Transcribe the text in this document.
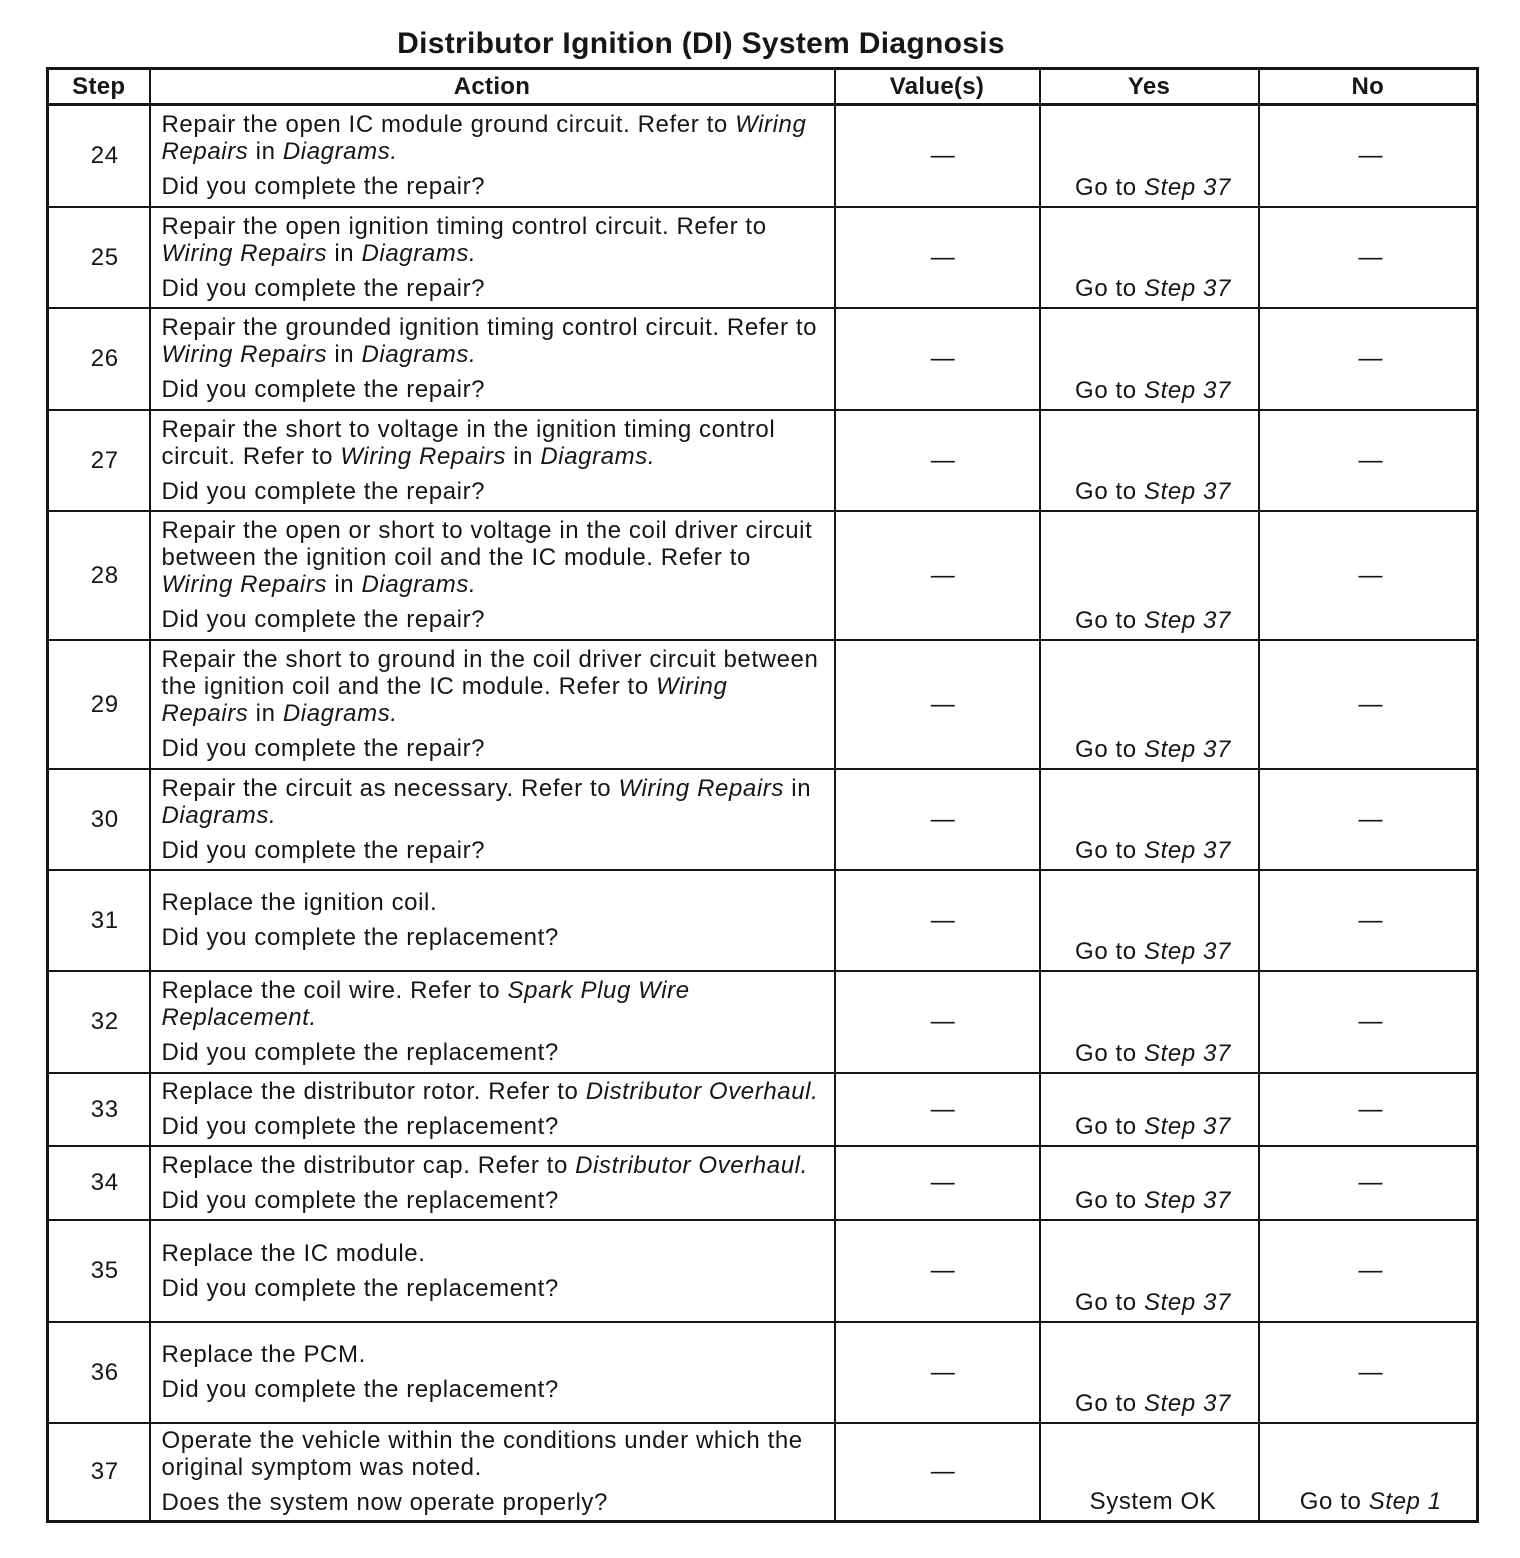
Distributor Ignition (DI) System Diagnosis
Step	Action	Value(s)	Yes	No
24	Repair the open IC module ground circuit. Refer to Wiring
Repairs in Diagrams.
Did you complete the repair?	—	Go to Step 37	—
25	Repair the open ignition timing control circuit. Refer to
Wiring Repairs in Diagrams.
Did you complete the repair?	—	Go to Step 37	—
26	Repair the grounded ignition timing control circuit. Refer to
Wiring Repairs in Diagrams.
Did you complete the repair?	—	Go to Step 37	—
27	Repair the short to voltage in the ignition timing control
circuit. Refer to Wiring Repairs in Diagrams.
Did you complete the repair?	—	Go to Step 37	—
28	Repair the open or short to voltage in the coil driver circuit
between the ignition coil and the IC module. Refer to
Wiring Repairs in Diagrams.
Did you complete the repair?	—	Go to Step 37	—
29	Repair the short to ground in the coil driver circuit between
the ignition coil and the IC module. Refer to Wiring
Repairs in Diagrams.
Did you complete the repair?	—	Go to Step 37	—
30	Repair the circuit as necessary. Refer to Wiring Repairs in
Diagrams.
Did you complete the repair?	—	Go to Step 37	—
31	Replace the ignition coil.
Did you complete the replacement?	—	Go to Step 37	—
32	Replace the coil wire. Refer to Spark Plug Wire
Replacement.
Did you complete the replacement?	—	Go to Step 37	—
33	Replace the distributor rotor. Refer to Distributor Overhaul.
Did you complete the replacement?	—	Go to Step 37	—
34	Replace the distributor cap. Refer to Distributor Overhaul.
Did you complete the replacement?	—	Go to Step 37	—
35	Replace the IC module.
Did you complete the replacement?	—	Go to Step 37	—
36	Replace the PCM.
Did you complete the replacement?	—	Go to Step 37	—
37	Operate the vehicle within the conditions under which the
original symptom was noted.
Does the system now operate properly?	—	System OK	Go to Step 1
